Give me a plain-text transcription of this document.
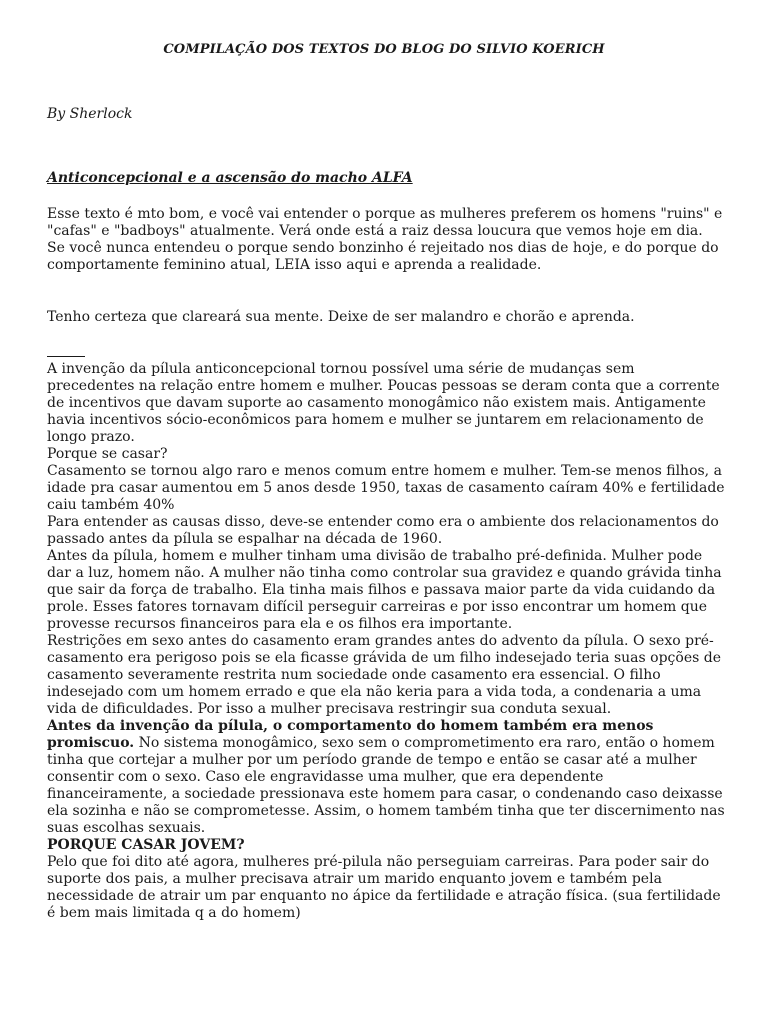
COMPILAÇÃO DOS TEXTOS DO BLOG DO SILVIO KOERICH
By Sherlock
Anticoncepcional e a ascensão do macho ALFA

Esse texto é mto bom, e você vai entender o porque as mulheres preferem os homens "ruins" e "cafas" e "badboys" atualmente. Verá onde está a raiz dessa loucura que vemos hoje em dia. Se você nunca entendeu o porque sendo bonzinho é rejeitado nos dias de hoje, e do porque do comportamente feminino atual, LEIA isso aqui e aprenda a realidade.

Tenho certeza que clareará sua mente. Deixe de ser malandro e chorão e aprenda.

A invenção da pílula anticoncepcional tornou possível uma série de mudanças sem precedentes na relação entre homem e mulher. Poucas pessoas se deram conta que a corrente de incentivos que davam suporte ao casamento monogâmico não existem mais. Antigamente havia incentivos sócio-econômicos para homem e mulher se juntarem em relacionamento de longo prazo.

Porque se casar?

Casamento se tornou algo raro e menos comum entre homem e mulher. Tem-se menos filhos, a idade pra casar aumentou em 5 anos desde 1950, taxas de casamento caíram 40% e fertilidade caiu também 40%

Para entender as causas disso, deve-se entender como era o ambiente dos relacionamentos do passado antes da pílula se espalhar na década de 1960.

Antes da pílula, homem e mulher tinham uma divisão de trabalho pré-definida. Mulher pode dar a luz, homem não. A mulher não tinha como controlar sua gravidez e quando grávida tinha que sair da força de trabalho. Ela tinha mais filhos e passava maior parte da vida cuidando da prole. Esses fatores tornavam difícil perseguir carreiras e por isso encontrar um homem que provesse recursos financeiros para ela e os filhos era importante.

Restrições em sexo antes do casamento eram grandes antes do advento da pílula. O sexo pré-casamento era perigoso pois se ela ficasse grávida de um filho indesejado teria suas opções de casamento severamente restrita num sociedade onde casamento era essencial. O filho indesejado com um homem errado e que ela não keria para a vida toda, a condenaria a uma vida de dificuldades. Por isso a mulher precisava restringir sua conduta sexual.

Antes da invenção da pílula, o comportamento do homem também era menos promiscuo. No sistema monogâmico, sexo sem o comprometimento era raro, então o homem tinha que cortejar a mulher por um período grande de tempo e então se casar até a mulher consentir com o sexo. Caso ele engravidasse uma mulher, que era dependente financeiramente, a sociedade pressionava este homem para casar, o condenando caso deixasse ela sozinha e não se comprometesse. Assim, o homem também tinha que ter discernimento nas suas escolhas sexuais.

PORQUE CASAR JOVEM?

Pelo que foi dito até agora, mulheres pré-pilula não perseguiam carreiras. Para poder sair do suporte dos pais, a mulher precisava atrair um marido enquanto jovem e também pela necessidade de atrair um par enquanto no ápice da fertilidade e atração física. (sua fertilidade é bem mais limitada q a do homem)
